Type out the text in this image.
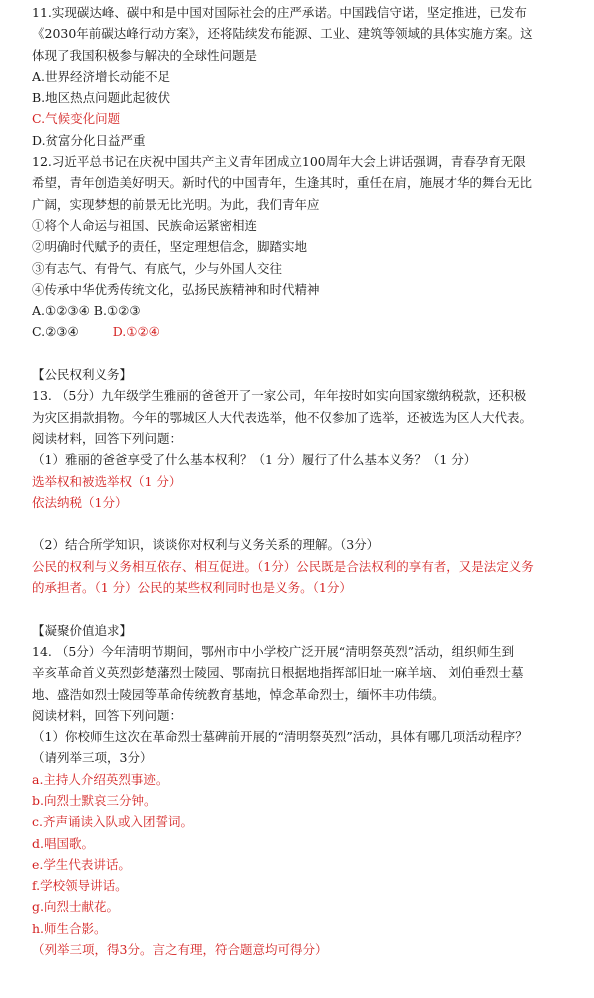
11.实现碳达峰、碳中和是中国对国际社会的庄严承诺。中国践信守诺，坚定推进，已发布
《2030年前碳达峰行动方案》，还将陆续发布能源、工业、建筑等领域的具体实施方案。这
体现了我国积极参与解决的全球性问题是
A.世界经济增长动能不足
B.地区热点问题此起彼伏
C.气候变化问题
D.贫富分化日益严重
12.习近平总书记在庆祝中国共产主义青年团成立100周年大会上讲话强调，青春孕育无限
希望，青年创造美好明天。新时代的中国青年，生逢其时，重任在肩，施展才华的舞台无比
广阔，实现梦想的前景无比光明。为此，我们青年应
①将个人命运与祖国、民族命运紧密相连
②明确时代赋予的责任，坚定理想信念，脚踏实地
③有志气、有骨气、有底气，少与外国人交往
④传承中华优秀传统文化，弘扬民族精神和时代精神
A.①②③④ B.①②③
C.②③④	D.①②④
【公民权利义务】
13. （5分）九年级学生雅丽的爸爸开了一家公司，年年按时如实向国家缴纳税款，还积极
为灾区捐款捐物。今年的鄂城区人大代表选举，他不仅参加了选举，还被选为区人大代表。
阅读材料，回答下列问题：
（1）雅丽的爸爸享受了什么基本权利？（1 分）履行了什么基本义务？（1 分）
选举权和被选举权（1 分）
依法纳税（1分）
（2）结合所学知识，谈谈你对权利与义务关系的理解。（3分）
公民的权利与义务相互依存、相互促进。（1分）公民既是合法权利的享有者，又是法定义务
的承担者。（1 分）公民的某些权利同时也是义务。（1分）
【凝聚价值追求】
14. （5分）今年清明节期间，鄂州市中小学校广泛开展“清明祭英烈”活动，组织师生到
辛亥革命首义英烈彭楚藩烈士陵园、鄂南抗日根据地指挥部旧址一麻羊垴、 刘伯垂烈士墓
地、盛浩如烈士陵园等革命传统教育基地，悼念革命烈士，缅怀丰功伟绩。
阅读材料，回答下列问题：
（1）你校师生这次在革命烈士墓碑前开展的“清明祭英烈”活动，具体有哪几项活动程序？
（请列举三项，3分）
a.主持人介绍英烈事迹。
b.向烈士默哀三分钟。
c.齐声诵读入队或入团誓词。
d.唱国歌。
e.学生代表讲话。
f.学校领导讲话。
g.向烈士献花。
h.师生合影。
（列举三项，得3分。言之有理，符合题意均可得分）
